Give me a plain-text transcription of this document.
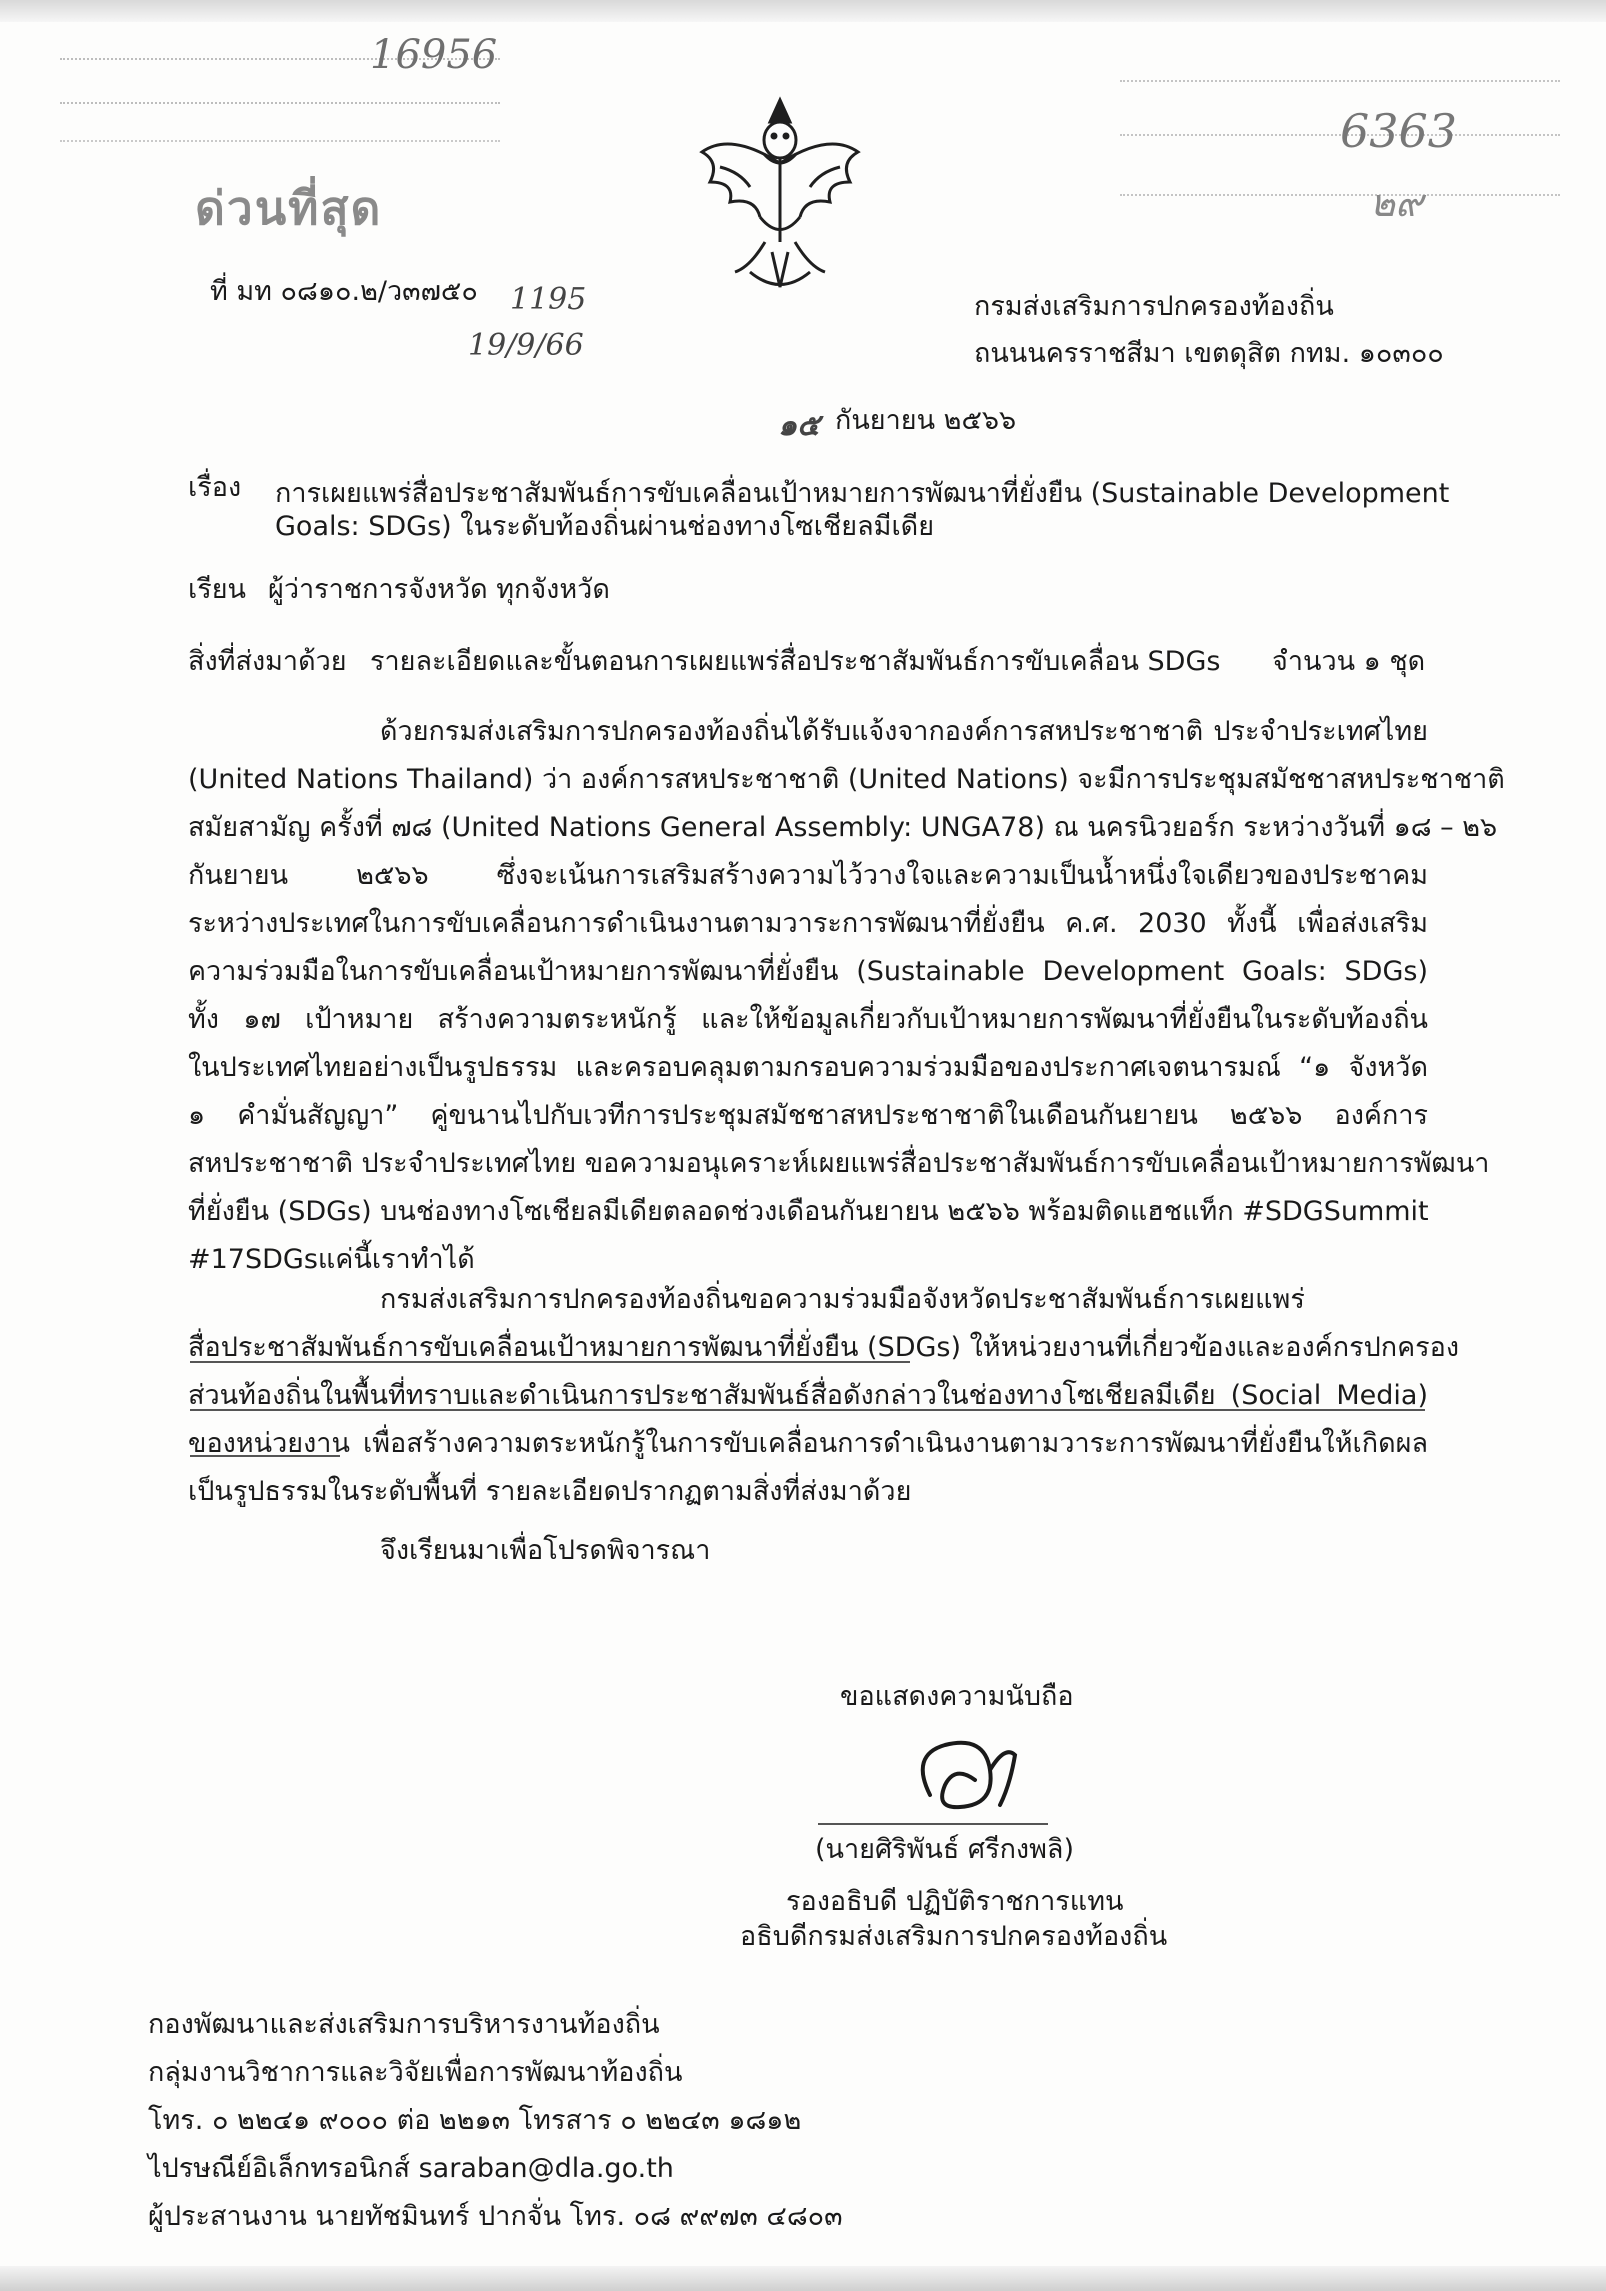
16956
6363
๒๙
ด่วนที่สุด
ที่ มท ๐๘๑๐.๒/ว๓๗๕๐ 1195
19/9/66
กรมส่งเสริมการปกครองท้องถิ่น
ถนนนครราชสีมา เขตดุสิต กทม. ๑๐๓๐๐
๑๕ กันยายน ๒๕๖๖
เรื่อง การเผยแพร่สื่อประชาสัมพันธ์การขับเคลื่อนเป้าหมายการพัฒนาที่ยั่งยืน (Sustainable Development
Goals: SDGs) ในระดับท้องถิ่นผ่านช่องทางโซเชียลมีเดีย
เรียน ผู้ว่าราชการจังหวัด ทุกจังหวัด
สิ่งที่ส่งมาด้วย รายละเอียดและขั้นตอนการเผยแพร่สื่อประชาสัมพันธ์การขับเคลื่อน SDGs จำนวน ๑ ชุด
ด้วยกรมส่งเสริมการปกครองท้องถิ่นได้รับแจ้งจากองค์การสหประชาชาติ ประจำประเทศไทย
(United Nations Thailand) ว่า องค์การสหประชาชาติ (United Nations) จะมีการประชุมสมัชชาสหประชาชาติ
สมัยสามัญ ครั้งที่ ๗๘ (United Nations General Assembly: UNGA78) ณ นครนิวยอร์ก ระหว่างวันที่ ๑๘ – ๒๖
กันยายน ๒๕๖๖ ซึ่งจะเน้นการเสริมสร้างความไว้วางใจและความเป็นน้ำหนึ่งใจเดียวของประชาคม
ระหว่างประเทศในการขับเคลื่อนการดำเนินงานตามวาระการพัฒนาที่ยั่งยืน ค.ศ. 2030 ทั้งนี้ เพื่อส่งเสริม
ความร่วมมือในการขับเคลื่อนเป้าหมายการพัฒนาที่ยั่งยืน (Sustainable Development Goals: SDGs)
ทั้ง ๑๗ เป้าหมาย สร้างความตระหนักรู้ และให้ข้อมูลเกี่ยวกับเป้าหมายการพัฒนาที่ยั่งยืนในระดับท้องถิ่น
ในประเทศไทยอย่างเป็นรูปธรรม และครอบคลุมตามกรอบความร่วมมือของประกาศเจตนารมณ์ “๑ จังหวัด
๑ คำมั่นสัญญา” คู่ขนานไปกับเวทีการประชุมสมัชชาสหประชาชาติในเดือนกันยายน ๒๕๖๖ องค์การ
สหประชาชาติ ประจำประเทศไทย ขอความอนุเคราะห์เผยแพร่สื่อประชาสัมพันธ์การขับเคลื่อนเป้าหมายการพัฒนา
ที่ยั่งยืน (SDGs) บนช่องทางโซเชียลมีเดียตลอดช่วงเดือนกันยายน ๒๕๖๖ พร้อมติดแฮชแท็ก #SDGSummit
#17SDGsแค่นี้เราทำได้
กรมส่งเสริมการปกครองท้องถิ่นขอความร่วมมือจังหวัดประชาสัมพันธ์การเผยแพร่
สื่อประชาสัมพันธ์การขับเคลื่อนเป้าหมายการพัฒนาที่ยั่งยืน (SDGs) ให้หน่วยงานที่เกี่ยวข้องและองค์กรปกครอง
ส่วนท้องถิ่นในพื้นที่ทราบและดำเนินการประชาสัมพันธ์สื่อดังกล่าวในช่องทางโซเชียลมีเดีย (Social Media)
ของหน่วยงาน เพื่อสร้างความตระหนักรู้ในการขับเคลื่อนการดำเนินงานตามวาระการพัฒนาที่ยั่งยืนให้เกิดผล
เป็นรูปธรรมในระดับพื้นที่ รายละเอียดปรากฏตามสิ่งที่ส่งมาด้วย
จึงเรียนมาเพื่อโปรดพิจารณา
ขอแสดงความนับถือ
(นายศิริพันธ์ ศรีกงพลิ)
รองอธิบดี ปฏิบัติราชการแทน
อธิบดีกรมส่งเสริมการปกครองท้องถิ่น
กองพัฒนาและส่งเสริมการบริหารงานท้องถิ่น
กลุ่มงานวิชาการและวิจัยเพื่อการพัฒนาท้องถิ่น
โทร. ๐ ๒๒๔๑ ๙๐๐๐ ต่อ ๒๒๑๓ โทรสาร ๐ ๒๒๔๓ ๑๘๑๒
ไปรษณีย์อิเล็กทรอนิกส์ saraban@dla.go.th
ผู้ประสานงาน นายทัชมินทร์ ปากจั่น โทร. ๐๘ ๙๙๗๓ ๔๘๐๓
